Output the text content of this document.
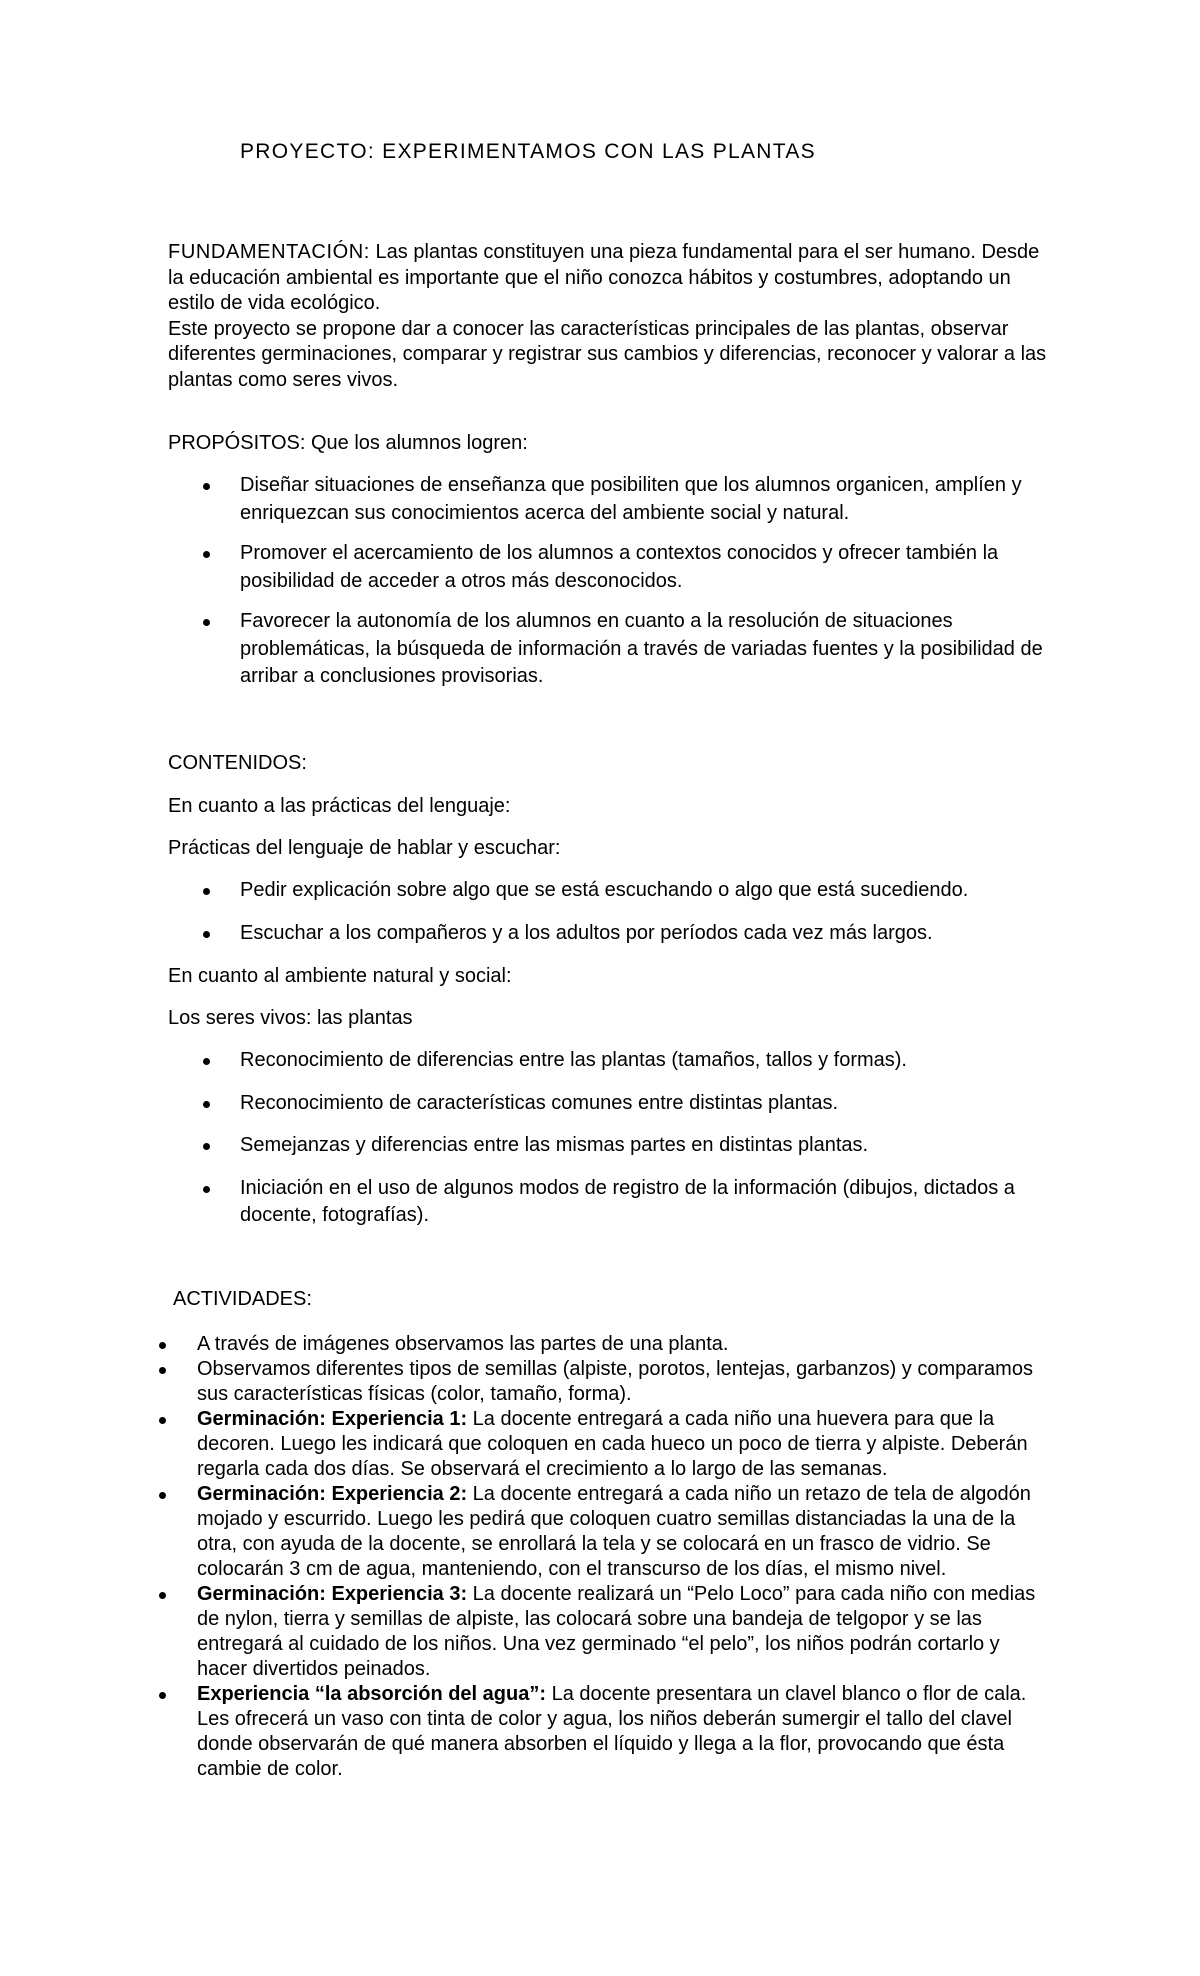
PROYECTO: EXPERIMENTAMOS CON LAS PLANTAS

FUNDAMENTACIÓN: Las plantas constituyen una pieza fundamental para el ser humano. Desde la educación ambiental es importante que el niño conozca hábitos y costumbres, adoptando un estilo de vida ecológico.

Este proyecto se propone dar a conocer las características principales de las plantas, observar diferentes germinaciones, comparar y registrar sus cambios y diferencias, reconocer y valorar a las plantas como seres vivos.

PROPÓSITOS: Que los alumnos logren:

Diseñar situaciones de enseñanza que posibiliten que los alumnos organicen, amplíen y enriquezcan sus conocimientos acerca del ambiente social y natural.
Promover el acercamiento de los alumnos a contextos conocidos y ofrecer también la posibilidad de acceder a otros más desconocidos.
Favorecer la autonomía de los alumnos en cuanto a la resolución de situaciones problemáticas, la búsqueda de información a través de variadas fuentes y la posibilidad de arribar a conclusiones provisorias.

CONTENIDOS:

En cuanto a las prácticas del lenguaje:

Prácticas del lenguaje de hablar y escuchar:

Pedir explicación sobre algo que se está escuchando o algo que está sucediendo.
Escuchar a los compañeros y a los adultos por períodos cada vez más largos.

En cuanto al ambiente natural y social:

Los seres vivos: las plantas

Reconocimiento de diferencias entre las plantas (tamaños, tallos y formas).
Reconocimiento de características comunes entre distintas plantas.
Semejanzas y diferencias entre las mismas partes en distintas plantas.
Iniciación en el uso de algunos modos de registro de la información (dibujos, dictados a docente, fotografías).

ACTIVIDADES:

A través de imágenes observamos las partes de una planta.
Observamos diferentes tipos de semillas (alpiste, porotos, lentejas, garbanzos) y comparamos sus características físicas (color, tamaño, forma).
Germinación: Experiencia 1: La docente entregará a cada niño una huevera para que la decoren. Luego les indicará que coloquen en cada hueco un poco de tierra y alpiste. Deberán regarla cada dos días. Se observará el crecimiento a lo largo de las semanas.
Germinación: Experiencia 2: La docente entregará a cada niño un retazo de tela de algodón mojado y escurrido. Luego les pedirá que coloquen cuatro semillas distanciadas la una de la otra, con ayuda de la docente, se enrollará la tela y se colocará en un frasco de vidrio. Se colocarán 3 cm de agua, manteniendo, con el transcurso de los días, el mismo nivel.
Germinación: Experiencia 3: La docente realizará un “Pelo Loco” para cada niño con medias de nylon, tierra y semillas de alpiste, las colocará sobre una bandeja de telgopor y se las entregará al cuidado de los niños. Una vez germinado “el pelo”, los niños podrán cortarlo y hacer divertidos peinados.
Experiencia “la absorción del agua”: La docente presentara un clavel blanco o flor de cala. Les ofrecerá un vaso con tinta de color y agua, los niños deberán sumergir el tallo del clavel donde observarán de qué manera absorben el líquido y llega a la flor, provocando que ésta cambie de color.
